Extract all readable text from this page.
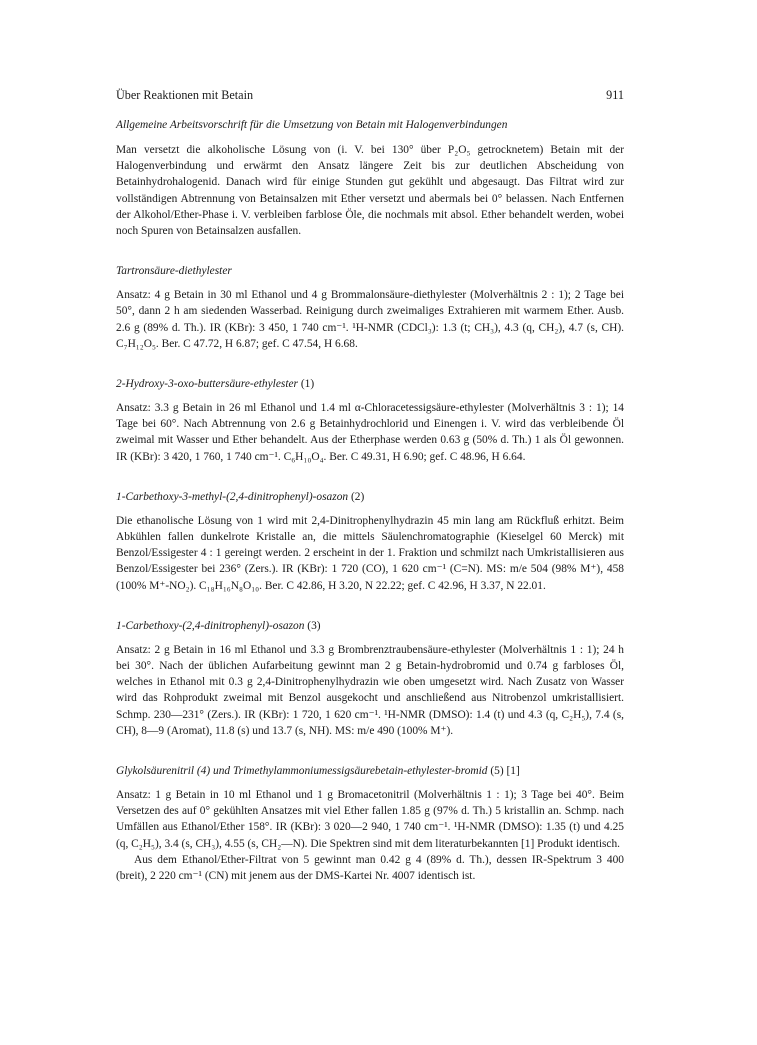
Über Reaktionen mit Betain	911
Allgemeine Arbeitsvorschrift für die Umsetzung von Betain mit Halogenverbindungen

Man versetzt die alkoholische Lösung von (i. V. bei 130° über P₂O₅ getrocknetem) Betain mit der Halogenverbindung und erwärmt den Ansatz längere Zeit bis zur deutlichen Abscheidung von Betainhydrohalogenid. Danach wird für einige Stunden gut gekühlt und abgesaugt. Das Filtrat wird zur vollständigen Abtrennung von Betainsalzen mit Ether versetzt und abermals bei 0° belassen. Nach Entfernen der Alkohol/Ether-Phase i. V. verbleiben farblose Öle, die nochmals mit absol. Ether behandelt werden, wobei noch Spuren von Betainsalzen ausfallen.

Tartronsäure-diethylester

Ansatz: 4 g Betain in 30 ml Ethanol und 4 g Brommalonsäure-diethylester (Molverhältnis 2 : 1); 2 Tage bei 50°, dann 2 h am siedenden Wasserbad. Reinigung durch zweimaliges Extrahieren mit warmem Ether. Ausb. 2.6 g (89% d. Th.). IR (KBr): 3 450, 1 740 cm⁻¹. ¹H-NMR (CDCl₃): 1.3 (t; CH₃), 4.3 (q, CH₂), 4.7 (s, CH). C₇H₁₂O₅. Ber. C 47.72, H 6.87; gef. C 47.54, H 6.68.

2-Hydroxy-3-oxo-buttersäure-ethylester (1)

Ansatz: 3.3 g Betain in 26 ml Ethanol und 1.4 ml α-Chloracetessigsäure-ethylester (Molverhältnis 3 : 1); 14 Tage bei 60°. Nach Abtrennung von 2.6 g Betainhydrochlorid und Einengen i. V. wird das verbleibende Öl zweimal mit Wasser und Ether behandelt. Aus der Etherphase werden 0.63 g (50% d. Th.) 1 als Öl gewonnen. IR (KBr): 3 420, 1 760, 1 740 cm⁻¹. C₆H₁₀O₄. Ber. C 49.31, H 6.90; gef. C 48.96, H 6.64.

1-Carbethoxy-3-methyl-(2,4-dinitrophenyl)-osazon (2)

Die ethanolische Lösung von 1 wird mit 2,4-Dinitrophenylhydrazin 45 min lang am Rückfluß erhitzt. Beim Abkühlen fallen dunkelrote Kristalle an, die mittels Säulenchromatographie (Kieselgel 60 Merck) mit Benzol/Essigester 4 : 1 gereingt werden. 2 erscheint in der 1. Fraktion und schmilzt nach Umkristallisieren aus Benzol/Essigester bei 236° (Zers.). IR (KBr): 1 720 (CO), 1 620 cm⁻¹ (C=N). MS: m/e 504 (98% M⁺), 458 (100% M⁺-NO₂). C₁₈H₁₆N₈O₁₀. Ber. C 42.86, H 3.20, N 22.22; gef. C 42.96, H 3.37, N 22.01.

1-Carbethoxy-(2,4-dinitrophenyl)-osazon (3)

Ansatz: 2 g Betain in 16 ml Ethanol und 3.3 g Brombrenztraubensäure-ethylester (Molverhältnis 1 : 1); 24 h bei 30°. Nach der üblichen Aufarbeitung gewinnt man 2 g Betain-hydrobromid und 0.74 g farbloses Öl, welches in Ethanol mit 0.3 g 2,4-Dinitrophenylhydrazin wie oben umgesetzt wird. Nach Zusatz von Wasser wird das Rohprodukt zweimal mit Benzol ausgekocht und anschließend aus Nitrobenzol umkristallisiert. Schmp. 230—231° (Zers.). IR (KBr): 1 720, 1 620 cm⁻¹. ¹H-NMR (DMSO): 1.4 (t) und 4.3 (q, C₂H₅), 7.4 (s, CH), 8—9 (Aromat), 11.8 (s) und 13.7 (s, NH). MS: m/e 490 (100% M⁺).

Glykolsäurenitril (4) und Trimethylammoniumessigsäurebetain-ethylester-bromid (5) [1]

Ansatz: 1 g Betain in 10 ml Ethanol und 1 g Bromacetonitril (Molverhältnis 1 : 1); 3 Tage bei 40°. Beim Versetzen des auf 0° gekühlten Ansatzes mit viel Ether fallen 1.85 g (97% d. Th.) 5 kristallin an. Schmp. nach Umfällen aus Ethanol/Ether 158°. IR (KBr): 3 020—2 940, 1 740 cm⁻¹. ¹H-NMR (DMSO): 1.35 (t) und 4.25 (q, C₂H₅), 3.4 (s, CH₃), 4.55 (s, CH₂—N). Die Spektren sind mit dem literaturbekannten [1] Produkt identisch.

Aus dem Ethanol/Ether-Filtrat von 5 gewinnt man 0.42 g 4 (89% d. Th.), dessen IR-Spektrum 3 400 (breit), 2 220 cm⁻¹ (CN) mit jenem aus der DMS-Kartei Nr. 4007 identisch ist.
